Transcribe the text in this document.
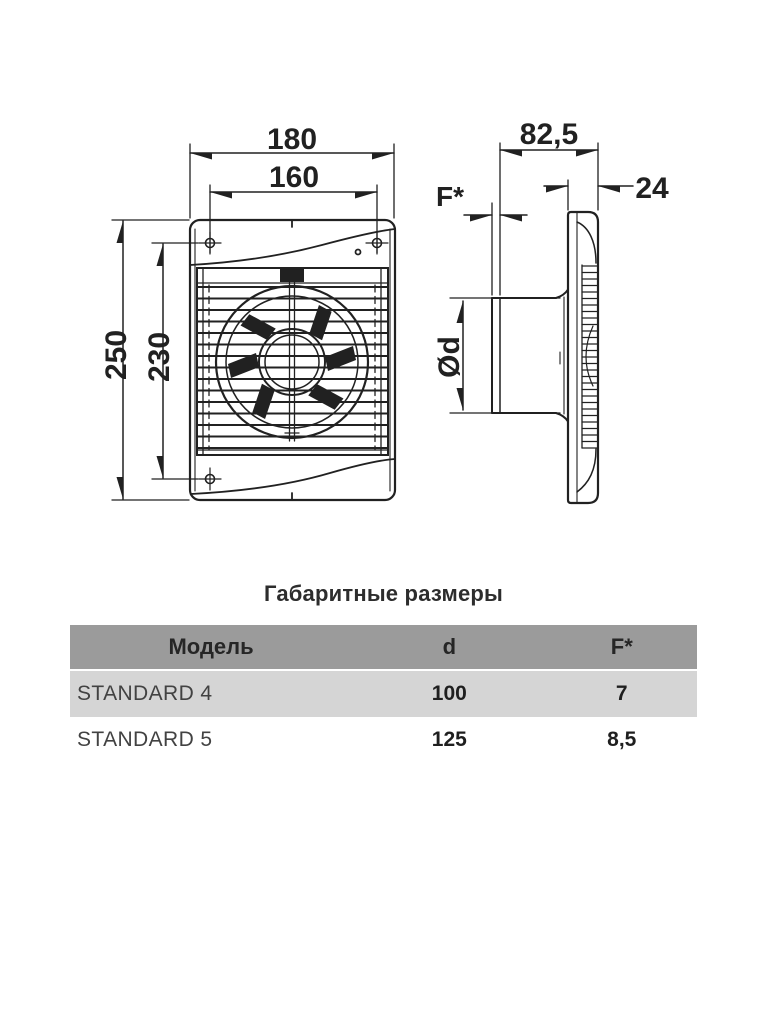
180
160
250 230
82,5
24
F*
Ød
Габаритные размеры
Модель	d	F*
STANDARD 4	100	7
STANDARD 5	125	8,5
